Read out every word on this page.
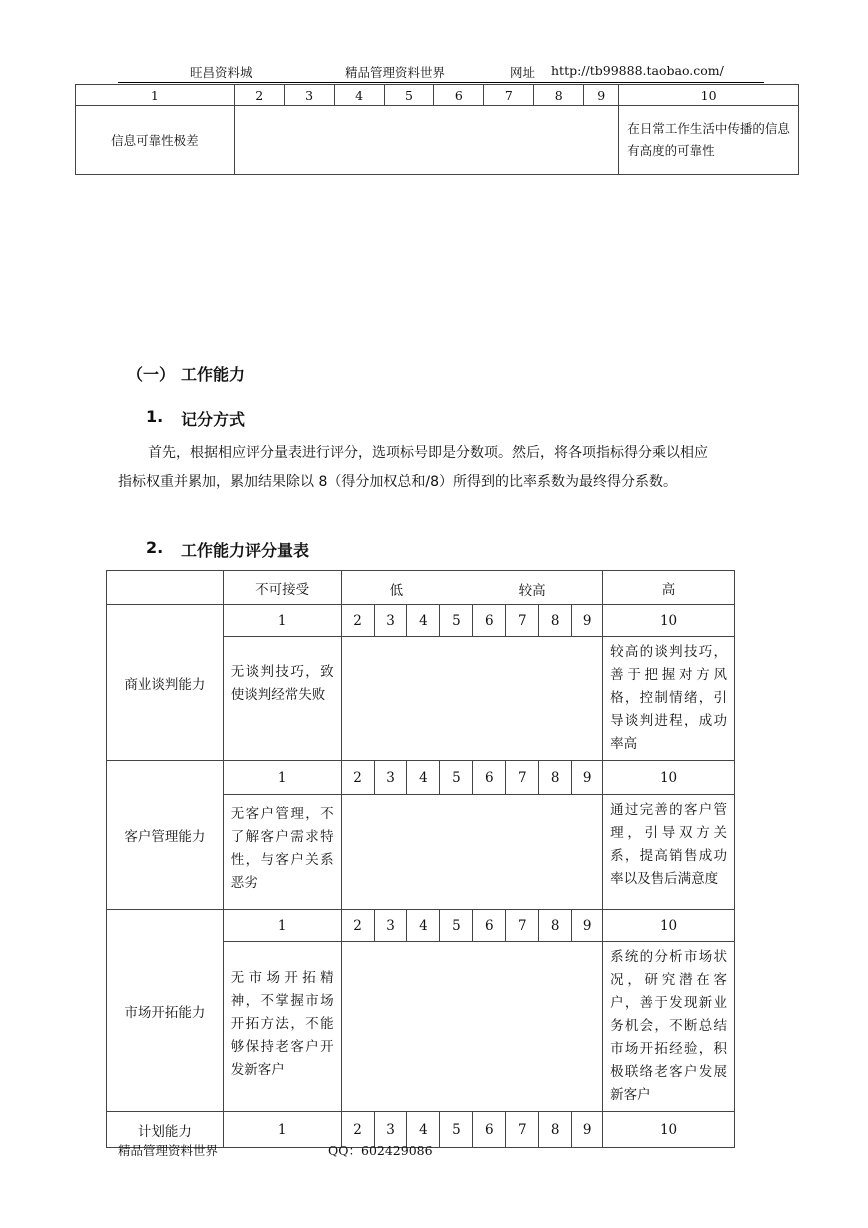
旺昌资料城	精品管理资料世界	网址 http://tb99888.taobao.com/
1	2	3	4	5	6	7	8	9	10
信息可靠性极差									在日常工作生活中传播的信息有高度的可靠性
（一） 工作能力
1. 记分方式
首先，根据相应评分量表进行评分，选项标号即是分数项。然后，将各项指标得分乘以相应
指标权重并累加，累加结果除以 8（得分加权总和/8）所得到的比率系数为最终得分系数。
2. 工作能力评分量表
	不可接受	低 较高								高
商业谈判能力	1	2	3	4	5	6	7	8	9	10
	无谈判技巧，致使谈判经常失败									较高的谈判技巧，善于把握对方风格，控制情绪，引导谈判进程，成功率高
客户管理能力	1	2	3	4	5	6	7	8	9	10
	无客户管理，不了解客户需求特性，与客户关系恶劣									通过完善的客户管理，引导双方关系，提高销售成功率以及售后满意度
市场开拓能力	1	2	3	4	5	6	7	8	9	10
	无市场开拓精神，不掌握市场开拓方法，不能够保持老客户开发新客户									系统的分析市场状况，研究潜在客户，善于发现新业务机会，不断总结市场开拓经验，积极联络老客户发展新客户
计划能力	1	2	3	4	5	6	7	8	9	10
精品管理资料世界	QQ：602429086
